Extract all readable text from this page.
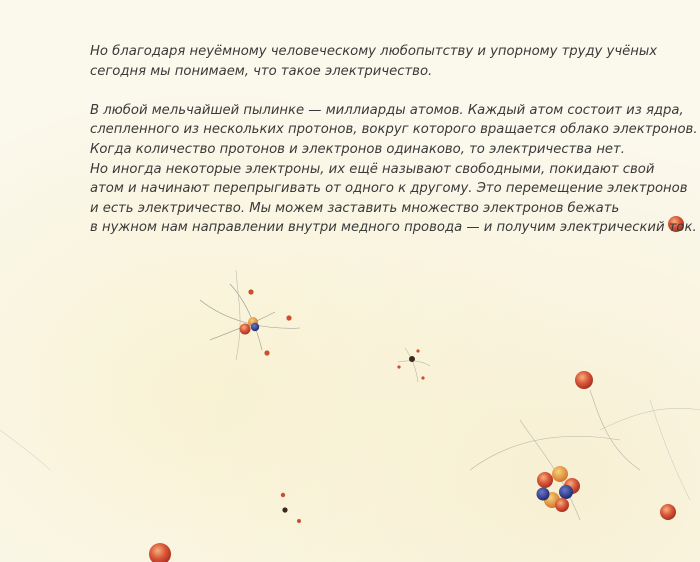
Но благодаря неуёмному человеческому любопытству и упорному труду учёных
сегодня мы понимаем, что такое электричество.
В любой мельчайшей пылинке — миллиарды атомов. Каждый атом состоит из ядра,
слепленного из нескольких протонов, вокруг которого вращается облако электронов.
Когда количество протонов и электронов одинаково, то электричества нет.
Но иногда некоторые электроны, их ещё называют свободными, покидают свой
атом и начинают перепрыгивать от одного к другому. Это перемещение электронов
и есть электричество. Мы можем заставить множество электронов бежать
в нужном нам направлении внутри медного провода — и получим электрический ток.
